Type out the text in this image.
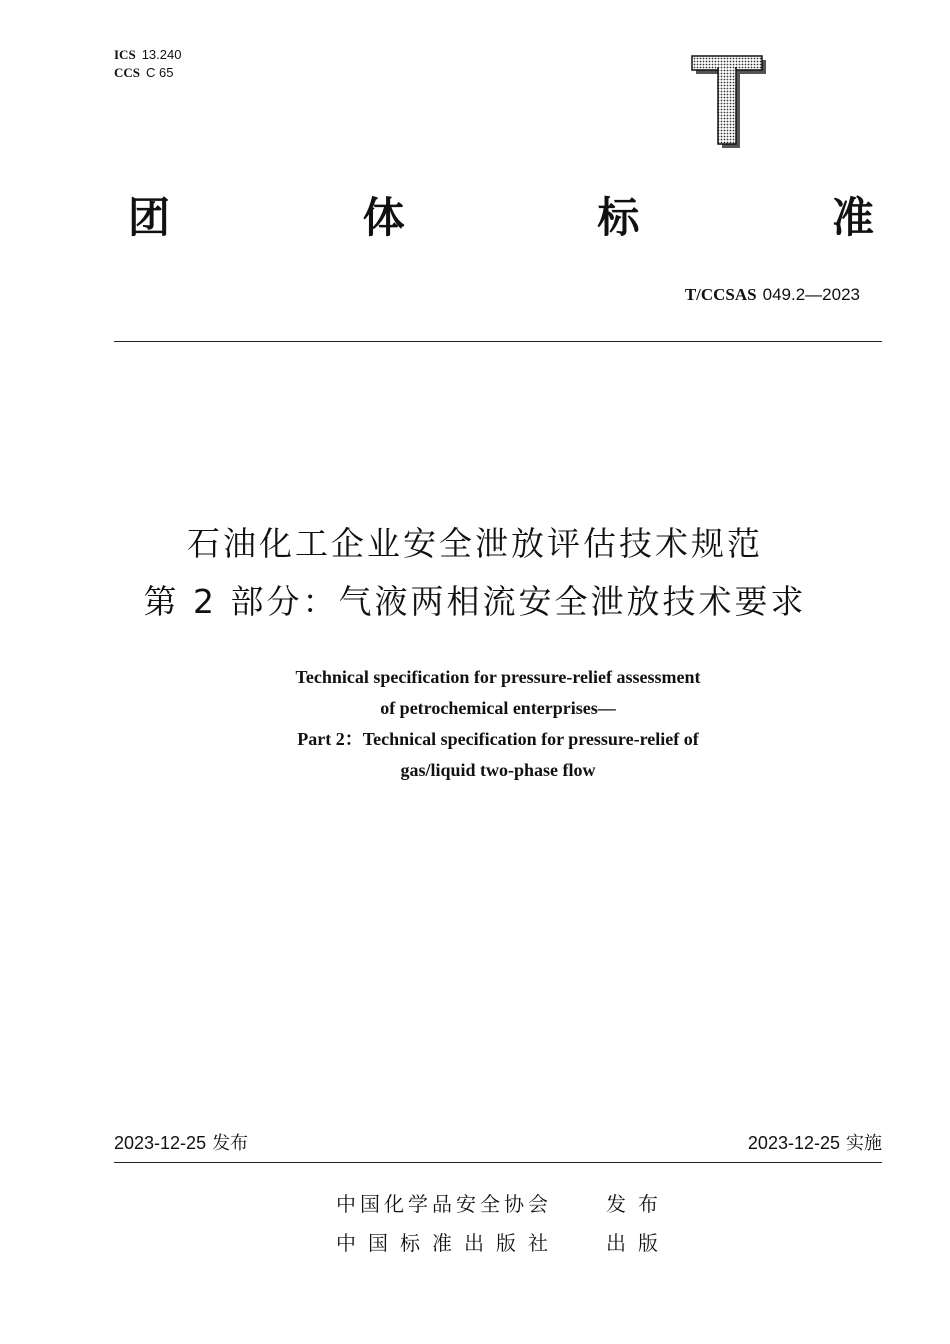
ICS 13.240
CCS C 65
团	体	标	准
T/CCSAS 049.2—2023
石油化工企业安全泄放评估技术规范
第 2 部分：气液两相流安全泄放技术要求
Technical specification for pressure-relief assessment
of petrochemical enterprises—
Part 2：Technical specification for pressure-relief of
gas/liquid two-phase flow
2023-12-25 发布	2023-12-25 实施
中国化学品安全协会	发布
中国标准出版社 出版
